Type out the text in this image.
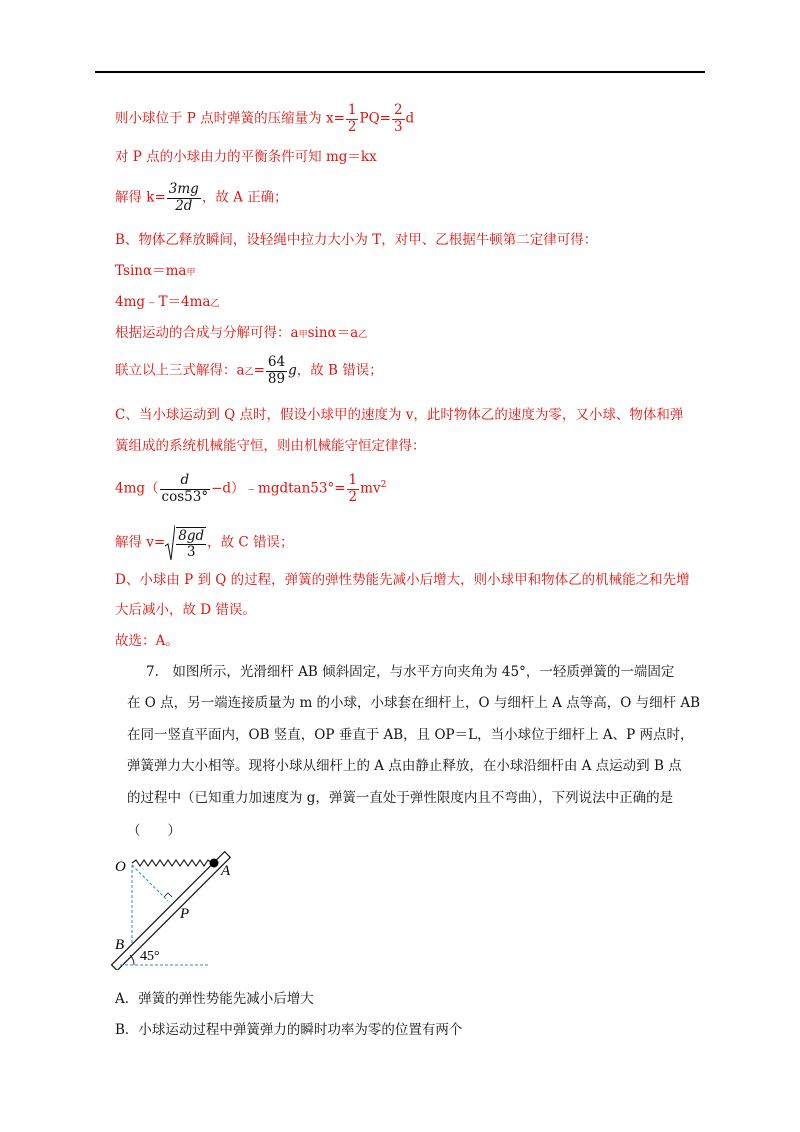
则小球位于 P 点时弹簧的压缩量为 $x= \frac{1}{2} PQ= \frac{2}{3}$ d
对 P 点的小球由力的平衡条件可知 mg＝kx
解得 $k= \frac{3mg}{2d}$ ，故 A 正确；
B、物体乙释放瞬间，设轻绳中拉力大小为 T，对甲、乙根据牛顿第二定律可得：
Tsinα＝ma甲
4mg﹣T＝4ma乙
根据运动的合成与分解可得：a甲sinα＝a乙
联立以上三式解得：a乙= $\frac{64}{89}$ g，故 B 错误；
C、当小球运动到 Q 点时，假设小球甲的速度为 v，此时物体乙的速度为零，又小球、物体和弹
簧组成的系统机械能守恒，则由机械能守恒定律得：
$4mg( \frac{d}{\cos 53^\circ}$ −d）﹣mgdtan53°= $\frac{1}{2} mv^2$
解得 $v= \frac{8gd}{3}$ ，故 C 错误；
D、小球由 P 到 Q 的过程，弹簧的弹性势能先减小后增大，则小球甲和物体乙的机械能之和先增
大后减小，故 D 错误。
故选：A。
7.　如图所示，光滑细杆 AB 倾斜固定，与水平方向夹角为 45°，一轻质弹簧的一端固定
在 O 点，另一端连接质量为 m 的小球，小球套在细杆上，O 与细杆上 A 点等高，O 与细杆 AB
在同一竖直平面内，OB 竖直，OP 垂直于 AB，且 OP＝L，当小球位于细杆上 A、P 两点时，
弹簧弹力大小相等。现将小球从细杆上的 A 点由静止释放，在小球沿细杆由 A 点运动到 B 点
的过程中（已知重力加速度为 g，弹簧一直处于弹性限度内且不弯曲），下列说法中正确的是
（　　）
O	A
P
B
45°
A．弹簧的弹性势能先减小后增大
B．小球运动过程中弹簧弹力的瞬时功率为零的位置有两个
